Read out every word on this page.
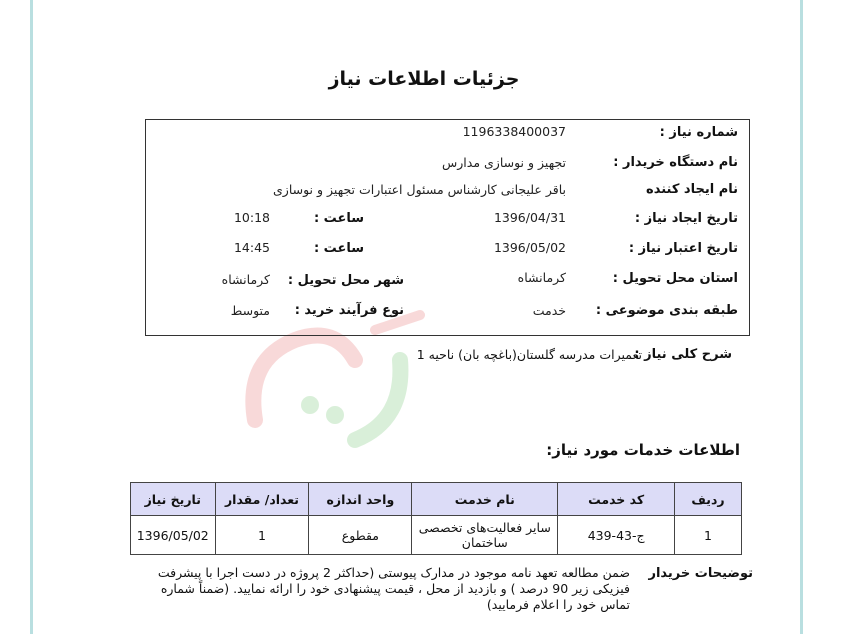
جزئیات اطلاعات نیاز
شماره نیاز :
1196338400037
نام دستگاه خریدار :
تجهیز و نوسازی مدارس
نام ایجاد کننده
باقر علیجانی کارشناس مسئول اعتبارات تجهیز و نوسازی
تاریخ ایجاد نیاز :
1396/04/31
ساعت :
10:18
تاریخ اعتبار نیاز :
1396/05/02
ساعت :
14:45
استان محل تحویل :
کرمانشاه
شهر محل تحویل :
کرمانشاه
طبقه بندی موضوعی :
خدمت
نوع فرآیند خرید :
متوسط
شرح کلی نیاز :
تعمیرات مدرسه گلستان(باغچه بان) ناحیه 1
اطلاعات خدمات مورد نیاز:
ردیف	کد خدمت	نام خدمت	واحد اندازه	تعداد/ مقدار	تاریخ نیاز
1	ج-43-439	سایر فعالیت‌های تخصصی ساختمان	مقطوع	1	1396/05/02
توضیحات خریدار
ضمن مطالعه تعهد نامه موجود در مدارک پیوستی (حداکثر 2 پروژه در دست اجرا با پیشرفت فیزیکی زیر 90 درصد ) و بازدید از محل ، قیمت پیشنهادی خود را ارائه نمایید. (ضمناً شماره تماس خود را اعلام فرمایید)
